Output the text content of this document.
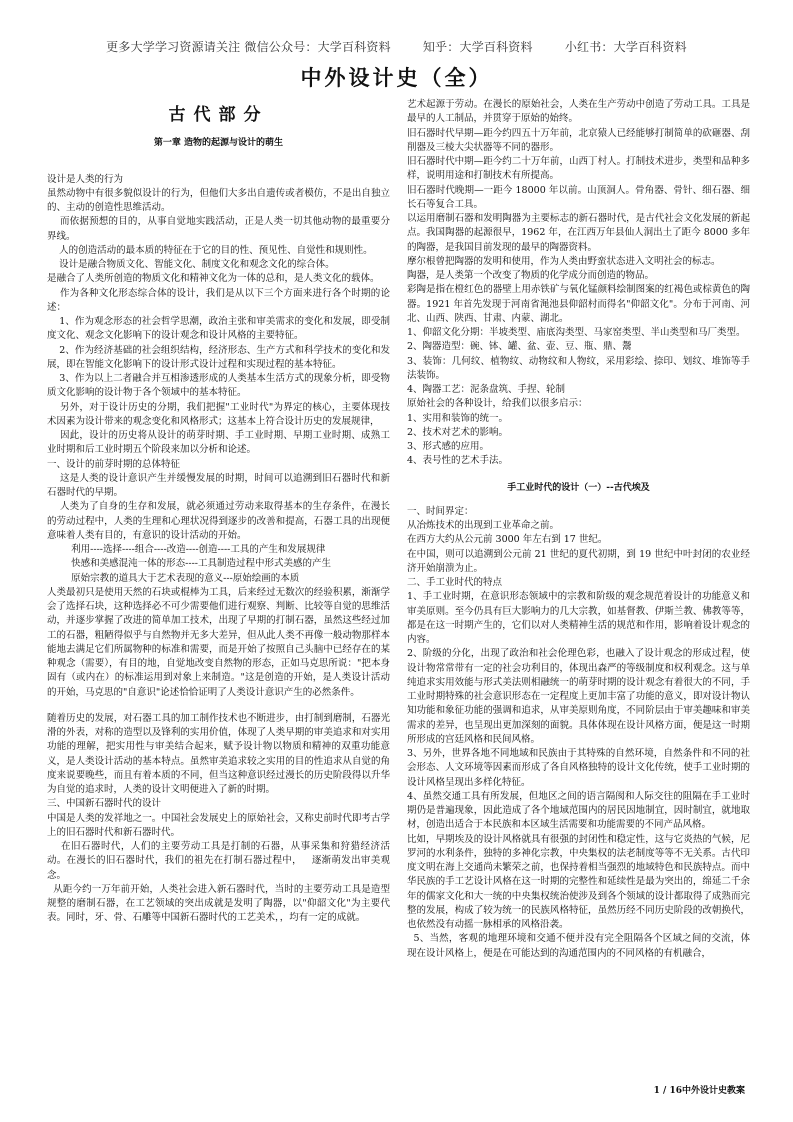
更多大学学习资源请关注 微信公众号：大学百科资料        知乎：大学百科资料        小红书：大学百科资料
中外设计史（全）

古代部分

第一章 造物的起源与设计的萌生

设计是人类的行为

虽然动物中有很多貌似设计的行为，但他们大多出自遗传或者模仿，不是出自独立的、主动的创造性思维活动。

而依据预想的目的，从事自觉地实践活动，正是人类一切其他动物的最重要分界线。

人的创造活动的最本质的特征在于它的目的性、预见性、自觉性和规则性。

设计是融合物质文化、智能文化、制度文化和观念文化的综合体。

是融合了人类所创造的物质文化和精神文化为一体的总和，是人类文化的载体。

作为各种文化形态综合体的设计，我们是从以下三个方面来进行各个时期的论述：

1、作为观念形态的社会哲学思潮，政治主张和审美需求的变化和发展，即受制度文化、观念文化影响下的设计观念和设计风格的主要特征。

2、作为经济基础的社会组织结构，经济形态、生产方式和科学技术的变化和发展，即在智能文化影响下的设计形式设计过程和实现过程的基本特征。

3、作为以上二者融合并互相渗透形成的人类基本生活方式的现象分析，即受物质文化影响的设计物于各个领域中的基本特征。

另外，对于设计历史的分期，我们把握"工业时代"为界定的核心，主要体现技术因素为设计带来的观念变化和风格形式；这基本上符合设计历史的发展规律，

因此，设计的历史将从设计的萌芽时期、手工业时期、早期工业时期、成熟工业时期和后工业时期五个阶段来加以分析和论述。

一、设计的前芽时期的总体特征

这是人类的设计意识产生并缓慢发展的时期，时间可以追溯到旧石器时代和新石器时代的早期。

人类为了自身的生存和发展，就必须通过劳动来取得基本的生存条件，在漫长的劳动过程中，人类的生理和心理状况得到逐步的改善和提高，石器工具的出现便意味着人类有目的，有意识的设计活动的开始。

利用----选择----组合----改造----创造----工具的产生和发展规律

快感和美感混沌一体的形态----工具制造过程中形式美感的产生

原始宗教的道具大于艺术表现的意义---原始绘画的本质

人类最初只是使用天然的石块或棍棒为工具，后来经过无数次的经验积累，渐渐学会了选择石块，这种选择必不可少需要他们进行观察、判断、比较等自觉的思维活动，并逐步掌握了改进的简单加工技术，出现了早期的打制石器，虽然这些经过加工的石器，粗陋得似乎与自然物并无多大差异，但从此人类不再像一般动物那样本能地去满足它们所属物种的标准和需要，而是开始了按照自己头脑中已经存在的某种观念（需要），有目的地，自觉地改变自然物的形态，正如马克思所说："把本身固有（或内在）的标准运用到对象上来制造。"这是创造的开始，是人类设计活动的开始，马克思的"自意识"论述恰恰证明了人类设计意识产生的必然条件。

随着历史的发展，对石器工具的加工制作技术也不断进步，由打制到磨制，石器光滑的外表，对称的造型以及锋利的实用价值，体现了人类早期的审美追求和对实用功能的理解，把实用性与审美结合起来，赋予设计物以物质和精神的双重功能意义，是人类设计活动的基本特点。虽然审美追求较之实用的目的性追求从自觉的角度来说要晚些，而且有着本质的不同，但当这种意识经过漫长的历史阶段得以升华为自觉的追求时，人类的设计文明便进入了新的时期。

三、中国新石器时代的设计

中国是人类的发祥地之一。中国社会发展史上的原始社会，又称史前时代即考古学上的旧石器时代和新石器时代。

在旧石器时代，人们的主要劳动工具是打制的石器，从事采集和狩猎经济活动。在漫长的旧石器时代，我们的祖先在打制石器过程中，   逐渐萌发出审美观念。

从距今约一万年前开始，人类社会进入新石器时代，当时的主要劳动工具是造型规整的磨制石器，在工艺领域的突出成就是发明了陶器，以"仰韶文化"为主要代表。同时，牙、骨、石雕等中国新石器时代的工艺美术，，均有一定的成就。

艺术起源于劳动。在漫长的原始社会，人类在生产劳动中创造了劳动工具。工具是最早的人工制品，并贯穿于原始的始终。

旧石器时代早期—距今约四五十万年前，北京猿人已经能够打制简单的砍砸器、刮削器及三棱大尖状器等不同的器形。

旧石器时代中期—距今约二十万年前，山西丁村人。打制技术进步，类型和品种多样，说明用途和打制技术有所提高。

旧石器时代晚期—一距今 18000 年以前。山顶洞人。骨角器、骨针、细石器、细长石等复合工具。

以运用磨制石器和发明陶器为主要标志的新石器时代，是古代社会文化发展的新起点。我国陶器的起源很早，1962 年，在江西万年县仙人洞出土了距今 8000 多年的陶器，是我国目前发现的最早的陶器资料。

摩尔根曾把陶器的发明和使用，作为人类由野蛮状态进入文明社会的标志。

陶器，是人类第一个改变了物质的化学成分而创造的物品。

彩陶是指在橙红色的器壁上用赤铁矿与氧化锰颜料绘制图案的红褐色或棕黄色的陶器。1921 年首先发现于河南省渑池县仰韶村而得名"仰韶文化"。分布于河南、河北、山西、陕西、甘肃、内蒙、湖北。

1、仰韶文化分期：半坡类型、庙底沟类型、马家窑类型、半山类型和马厂类型。

2、陶器造型：碗、钵、罐、盆、壶、豆、瓶、鼎、鬶

3、装饰：几何纹、植物纹、动物纹和人物纹，采用彩绘、捺印、划纹、堆饰等手法装饰。

4、陶器工艺：泥条盘筑、手捏、轮制

原始社会的各种设计，给我们以很多启示：

1、实用和装饰的统一。

2、技术对艺术的影响。

3、形式感的应用。

4、表号性的艺术手法。

手工业时代的设计（一）--古代埃及

一、时间界定：

从冶炼技术的出现到工业革命之前。

在西方大约从公元前 3000 年左右到 17 世纪。

在中国，则可以追溯到公元前 21 世纪的夏代初期，到 19 世纪中叶封闭的农业经济开始崩溃为止。

二、手工业时代的特点

1、手工业时期，在意识形态领域中的宗教和阶级的观念规范着设计的功能意义和审美原则。至今仍具有巨大影响力的几大宗教，如基督教、伊斯兰教、佛教等等，都是在这一时期产生的，它们以对人类精神生活的规范和作用，影响着设计观念的内容。

2、阶级的分化，出现了政治和社会伦理色彩，也融入了设计观念的形成过程，使设计物常常带有一定的社会功利目的，体现出森严的等级制度和权利观念。这与单纯追求实用效能与形式美法则相融统一的萌芽时期的设计观念有着很大的不同，手工业时期特殊的社会意识形态在一定程度上更加丰富了功能的意义，即对设计物认知功能和象征功能的强调和追求，从审美原则角度，不同阶层由于审美趣味和审美需求的差异，也呈现出更加深刻的面貌。具体体现在设计风格方面，便是这一时期所形成的宫廷风格和民间风格。

3、另外，世界各地不同地域和民族由于其特殊的自然环境，自然条件和不同的社会形态、人文环境等因素而形成了各自风格独特的设计文化传统，使手工业时期的设计风格呈现出多样化特征。

4、虽然交通工具有所发展，但地区之间的语言隔阂和人际交往的阻隔在手工业时期仍是普遍现象，因此造成了各个地域范围内的居民因地制宜，因时制宜，就地取材，创造出适合于本民族和本区域生活需要和功能需要的不同产品风格。

比如，早期埃及的设计风格就具有很强的封闭性和稳定性，这与它炎热的气候，尼罗河的水利条件，独特的多神化宗教，中央集权的法老制度等等不无关系。古代印度文明在海上交通尚未繁荣之前，也保持着相当强烈的地域特色和民族特点。而中华民族的手工艺设计风格在这一时期的完整性和延续性是最为突出的，绵延二千余年的儒家文化和大一统的中央集权统治使涉及到各个领域的设计都取得了成熟而完整的发展，构成了较为统一的民族风格特征，虽然历经不同历史阶段的改朝换代，也依然没有动摇一脉相承的风格沿袭。

5、当然，客观的地理环境和交通不便并没有完全阻隔各个区域之间的交流，体现在设计风格上，便是在可能达到的沟通范围内的不同风格的有机融合，

1 / 16中外设计史教案
